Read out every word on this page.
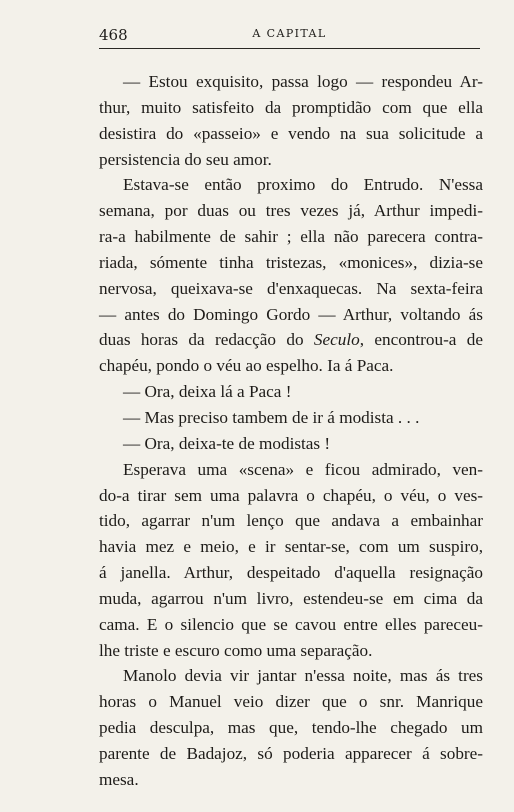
468	A CAPITAL
— Estou exquisito, passa logo — respondeu Ar-
thur, muito satisfeito da promptidão com que ella
desistira do «passeio» e vendo na sua solicitude a
persistencia do seu amor.
Estava-se então proximo do Entrudo. N'essa
semana, por duas ou tres vezes já, Arthur impedi-
ra-a habilmente de sahir ; ella não parecera contra-
riada, sómente tinha tristezas, «monices», dizia-se
nervosa, queixava-se d'enxaquecas. Na sexta-feira
— antes do Domingo Gordo — Arthur, voltando ás
duas horas da redacção do Seculo, encontrou-a de
chapéu, pondo o véu ao espelho. Ia á Paca.
— Ora, deixa lá a Paca !
— Mas preciso tambem de ir á modista . . .
— Ora, deixa-te de modistas !
Esperava uma «scena» e ficou admirado, ven-
do-a tirar sem uma palavra o chapéu, o véu, o ves-
tido, agarrar n'um lenço que andava a embainhar
havia mez e meio, e ir sentar-se, com um suspiro,
á janella. Arthur, despeitado d'aquella resignação
muda, agarrou n'um livro, estendeu-se em cima da
cama. E o silencio que se cavou entre elles pareceu-
lhe triste e escuro como uma separação.
Manolo devia vir jantar n'essa noite, mas ás tres
horas o Manuel veio dizer que o snr. Manrique
pedia desculpa, mas que, tendo-lhe chegado um
parente de Badajoz, só poderia apparecer á sobre-
mesa.
